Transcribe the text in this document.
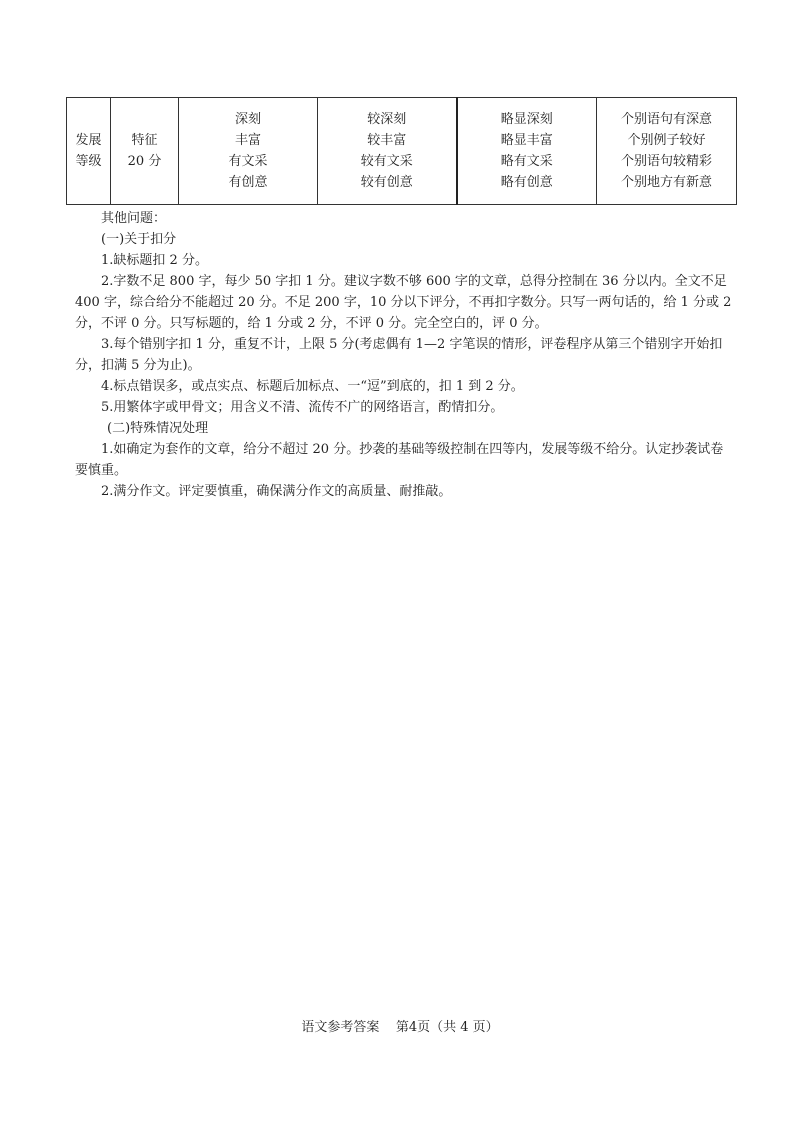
发展
等级

特征
20 分

深刻
丰富
有文采
有创意

较深刻
较丰富
较有文采
较有创意

略显深刻
略显丰富
略有文采
略有创意

个别语句有深意
个别例子较好
个别语句较精彩
个别地方有新意

其他问题：

(一)关于扣分

1.缺标题扣 2 分。

2.字数不足 800 字，每少 50 字扣 1 分。建议字数不够 600 字的文章，总得分控制在 36 分以内。全文不足 400 字，综合给分不能超过 20 分。不足 200 字，10 分以下评分，不再扣字数分。只写一两句话的，给 1 分或 2 分，不评 0 分。只写标题的，给 1 分或 2 分，不评 0 分。完全空白的，评 0 分。

3.每个错别字扣 1 分，重复不计，上限 5 分(考虑偶有 1—2 字笔误的情形，评卷程序从第三个错别字开始扣分，扣满 5 分为止)。

4.标点错误多，或点实点、标题后加标点、一“逗”到底的，扣 1 到 2 分。

5.用繁体字或甲骨文；用含义不清、流传不广的网络语言，酌情扣分。

(二)特殊情况处理

1.如确定为套作的文章，给分不超过 20 分。抄袭的基础等级控制在四等内，发展等级不给分。认定抄袭试卷要慎重。

2.满分作文。评定要慎重，确保满分作文的高质量、耐推敲。

语文参考答案    第4页（共 4 页）
